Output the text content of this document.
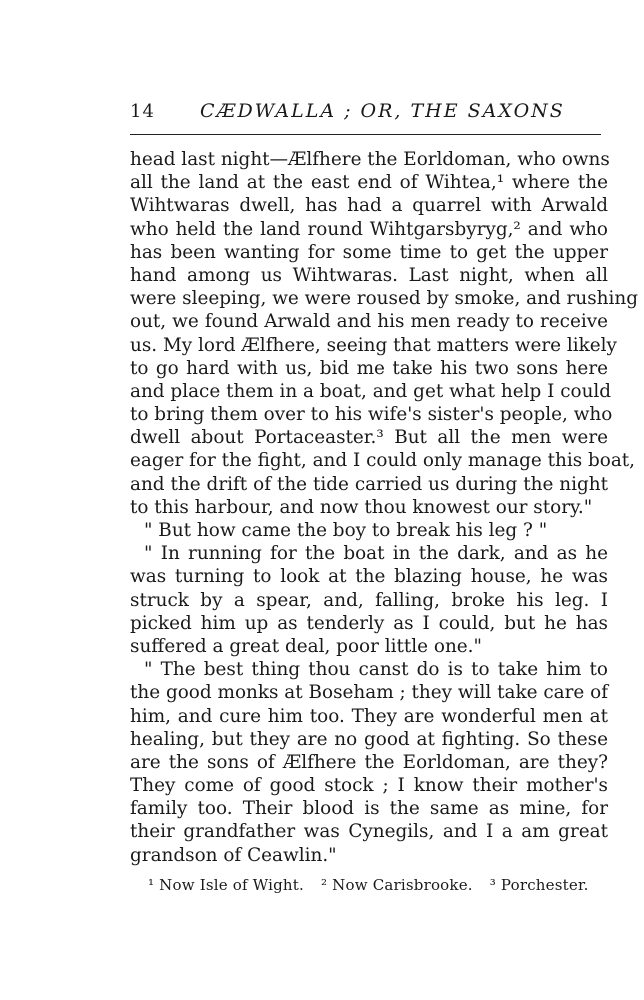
14 CÆDWALLA ; OR, THE SAXONS
head last night—Ælfhere the Eorldoman, who owns
all the land at the east end of Wihtea,¹ where the
Wihtwaras dwell, has had a quarrel with Arwald
who held the land round Wihtgarsbyryg,² and who
has been wanting for some time to get the upper
hand among us Wihtwaras. Last night, when all
were sleeping, we were roused by smoke, and rushing
out, we found Arwald and his men ready to receive
us. My lord Ælfhere, seeing that matters were likely
to go hard with us, bid me take his two sons here
and place them in a boat, and get what help I could
to bring them over to his wife's sister's people, who
dwell about Portaceaster.³ But all the men were
eager for the fight, and I could only manage this boat,
and the drift of the tide carried us during the night
to this harbour, and now thou knowest our story."
" But how came the boy to break his leg ? "
" In running for the boat in the dark, and as he
was turning to look at the blazing house, he was
struck by a spear, and, falling, broke his leg. I
picked him up as tenderly as I could, but he has
suffered a great deal, poor little one."
" The best thing thou canst do is to take him to
the good monks at Boseham ; they will take care of
him, and cure him too. They are wonderful men at
healing, but they are no good at fighting. So these
are the sons of Ælfhere the Eorldoman, are they?
They come of good stock ; I know their mother's
family too. Their blood is the same as mine, for
their grandfather was Cynegils, and I a am great
grandson of Ceawlin."
¹ Now Isle of Wight. ² Now Carisbrooke. ³ Porchester.
